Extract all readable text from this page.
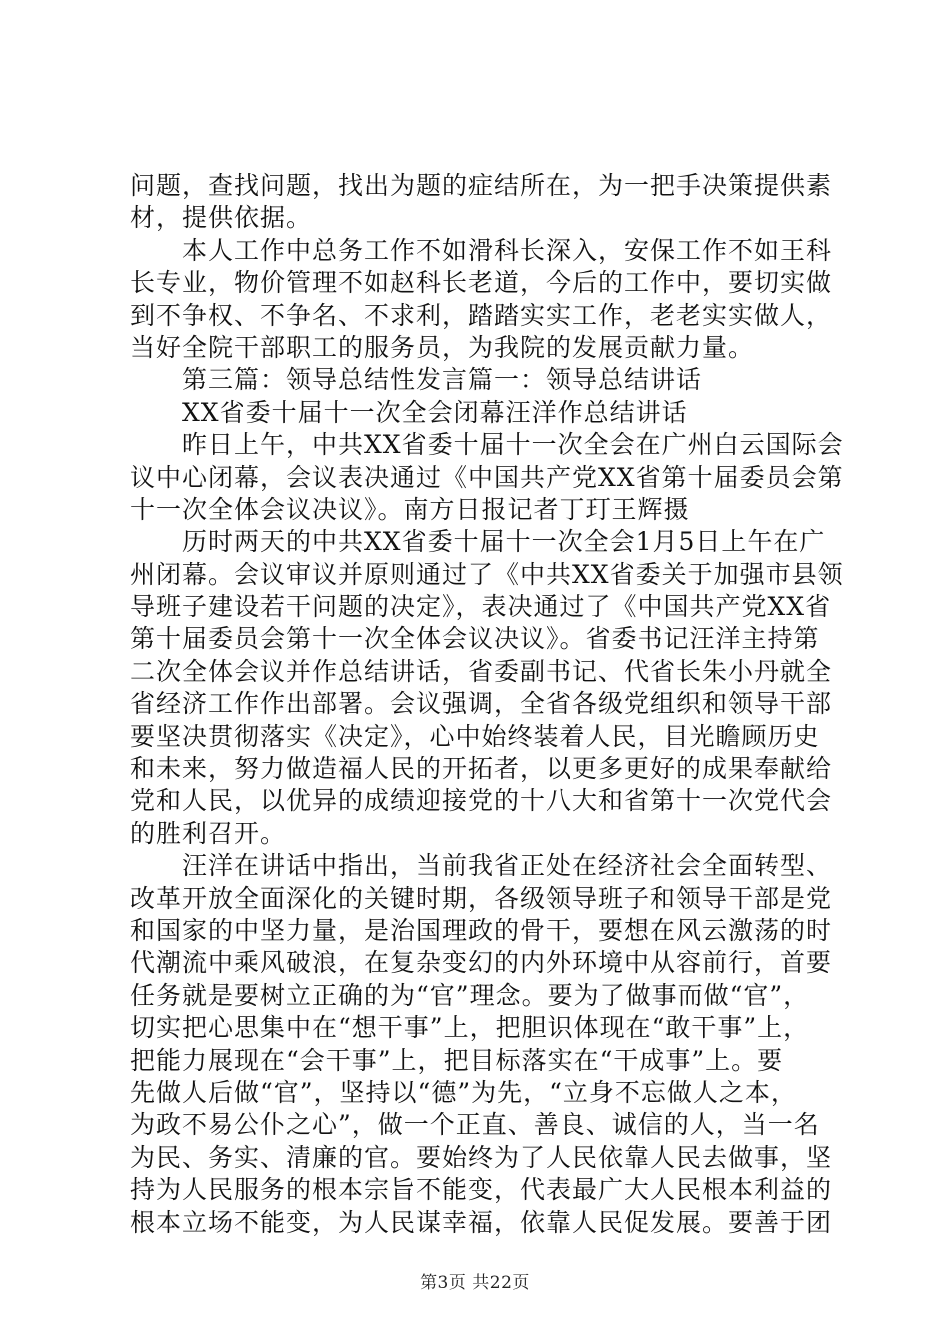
问题，查找问题，找出为题的症结所在，为一把手决策提供素
材，提供依据。
本人工作中总务工作不如滑科长深入，安保工作不如王科
长专业，物价管理不如赵科长老道，今后的工作中，要切实做
到不争权、不争名、不求利，踏踏实实工作，老老实实做人，
当好全院干部职工的服务员，为我院的发展贡献力量。
第三篇：领导总结性发言篇一：领导总结讲话
XX省委十届十一次全会闭幕汪洋作总结讲话
昨日上午，中共XX省委十届十一次全会在广州白云国际会
议中心闭幕，会议表决通过《中国共产党XX省第十届委员会第
十一次全体会议决议》。南方日报记者丁玎王辉摄
历时两天的中共XX省委十届十一次全会1月5日上午在广
州闭幕。会议审议并原则通过了《中共XX省委关于加强市县领
导班子建设若干问题的决定》，表决通过了《中国共产党XX省
第十届委员会第十一次全体会议决议》。省委书记汪洋主持第
二次全体会议并作总结讲话，省委副书记、代省长朱小丹就全
省经济工作作出部署。会议强调，全省各级党组织和领导干部
要坚决贯彻落实《决定》，心中始终装着人民，目光瞻顾历史
和未来，努力做造福人民的开拓者，以更多更好的成果奉献给
党和人民，以优异的成绩迎接党的十八大和省第十一次党代会
的胜利召开。
汪洋在讲话中指出，当前我省正处在经济社会全面转型、
改革开放全面深化的关键时期，各级领导班子和领导干部是党
和国家的中坚力量，是治国理政的骨干，要想在风云激荡的时
代潮流中乘风破浪，在复杂变幻的内外环境中从容前行，首要
任务就是要树立正确的为“官”理念。要为了做事而做“官”，
切实把心思集中在“想干事”上，把胆识体现在“敢干事”上，
把能力展现在“会干事”上，把目标落实在“干成事”上。要
先做人后做“官”，坚持以“德”为先，“立身不忘做人之本，
为政不易公仆之心”，做一个正直、善良、诚信的人，当一名
为民、务实、清廉的官。要始终为了人民依靠人民去做事，坚
持为人民服务的根本宗旨不能变，代表最广大人民根本利益的
根本立场不能变，为人民谋幸福，依靠人民促发展。要善于团
第3页 共22页
